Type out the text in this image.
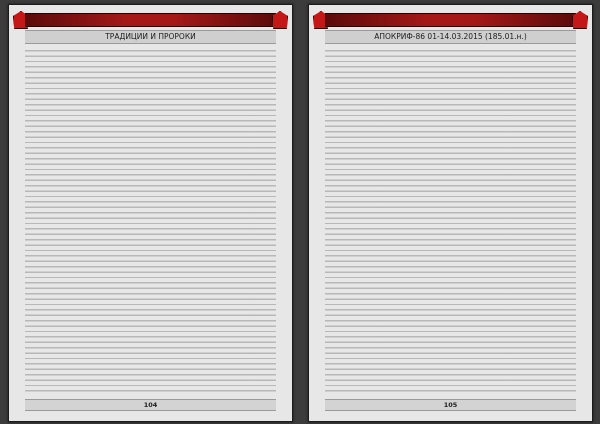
ТРАДИЦИИ И ПРОРОКИ

104
АПОКРИФ-86 01-14.03.2015 (185.01.н.)

105
